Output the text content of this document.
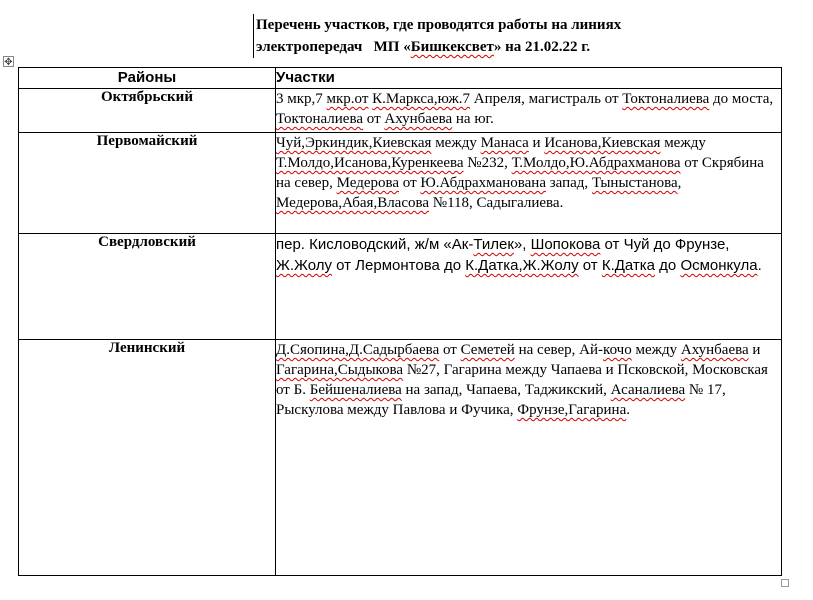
Перечень участков, где проводятся работы на линиях
электропередач   МП «Бишкексвет» на 21.02.22 г.
✥
Районы	Участки
Октябрьский	3 мкр,7 мкр.от К.Маркса,юж.7 Апреля, магистраль от Токтоналиева до моста, Токтоналиева от Ахунбаева на юг.
Первомайский	Чуй,Эркиндик,Киевская между Манаса и Исанова,Киевская между Т.Молдо,Исанова,Куренкеева №232, Т.Молдо,Ю.Абдрахманова от Скрябина на север, Медерова от Ю.Абдрахманована запад, Тыныстанова, Медерова,Абая,Власова №118, Садыгалиева.
Свердловский	пер. Кисловодский, ж/м «Ак-Тилек», Шопокова от Чуй до Фрунзе, Ж.Жолу от Лермонтова до К.Датка,Ж.Жолу от К.Датка до Осмонкула.
Ленинский	Д.Сяопина,Д.Садырбаева от Семетей на север, Ай-кочо между Ахунбаева и Гагарина,Сыдыкова №27, Гагарина между Чапаева и Псковской, Московская от Б. Бейшеналиева на запад, Чапаева, Таджикский, Асаналиева № 17, Рыскулова между Павлова и Фучика, Фрунзе,Гагарина.
